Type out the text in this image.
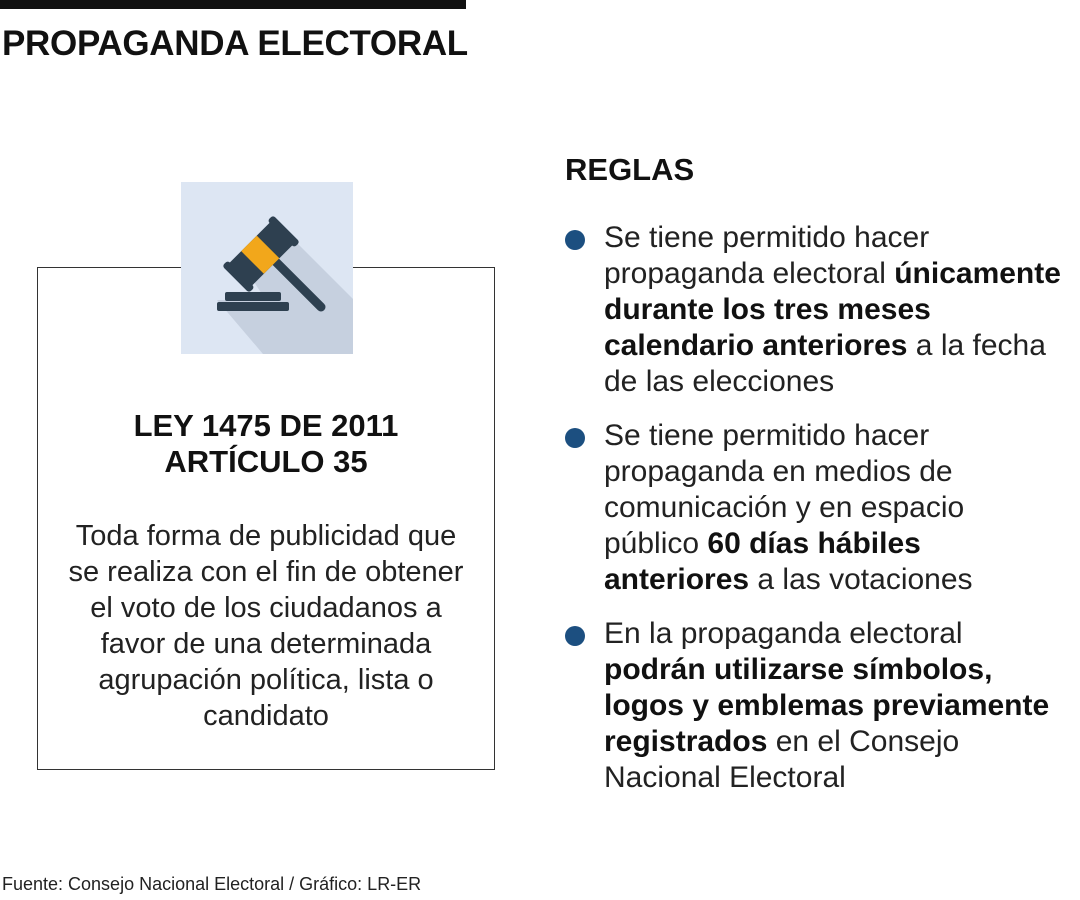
PROPAGANDA ELECTORAL
LEY 1475 DE 2011
ARTÍCULO 35

Toda forma de publicidad que se realiza con el fin de obtener el voto de los ciudadanos a favor de una determinada agrupación política, lista o candidato

REGLAS
Se tiene permitido hacer propaganda electoral únicamente durante los tres meses calendario anteriores a la fecha de las elecciones
Se tiene permitido hacer propaganda en medios de comunicación y en espacio público 60 días hábiles anteriores a las votaciones
En la propaganda electoral podrán utilizarse símbolos, logos y emblemas previamente registrados en el Consejo Nacional Electoral

Fuente: Consejo Nacional Electoral / Gráfico: LR-ER
